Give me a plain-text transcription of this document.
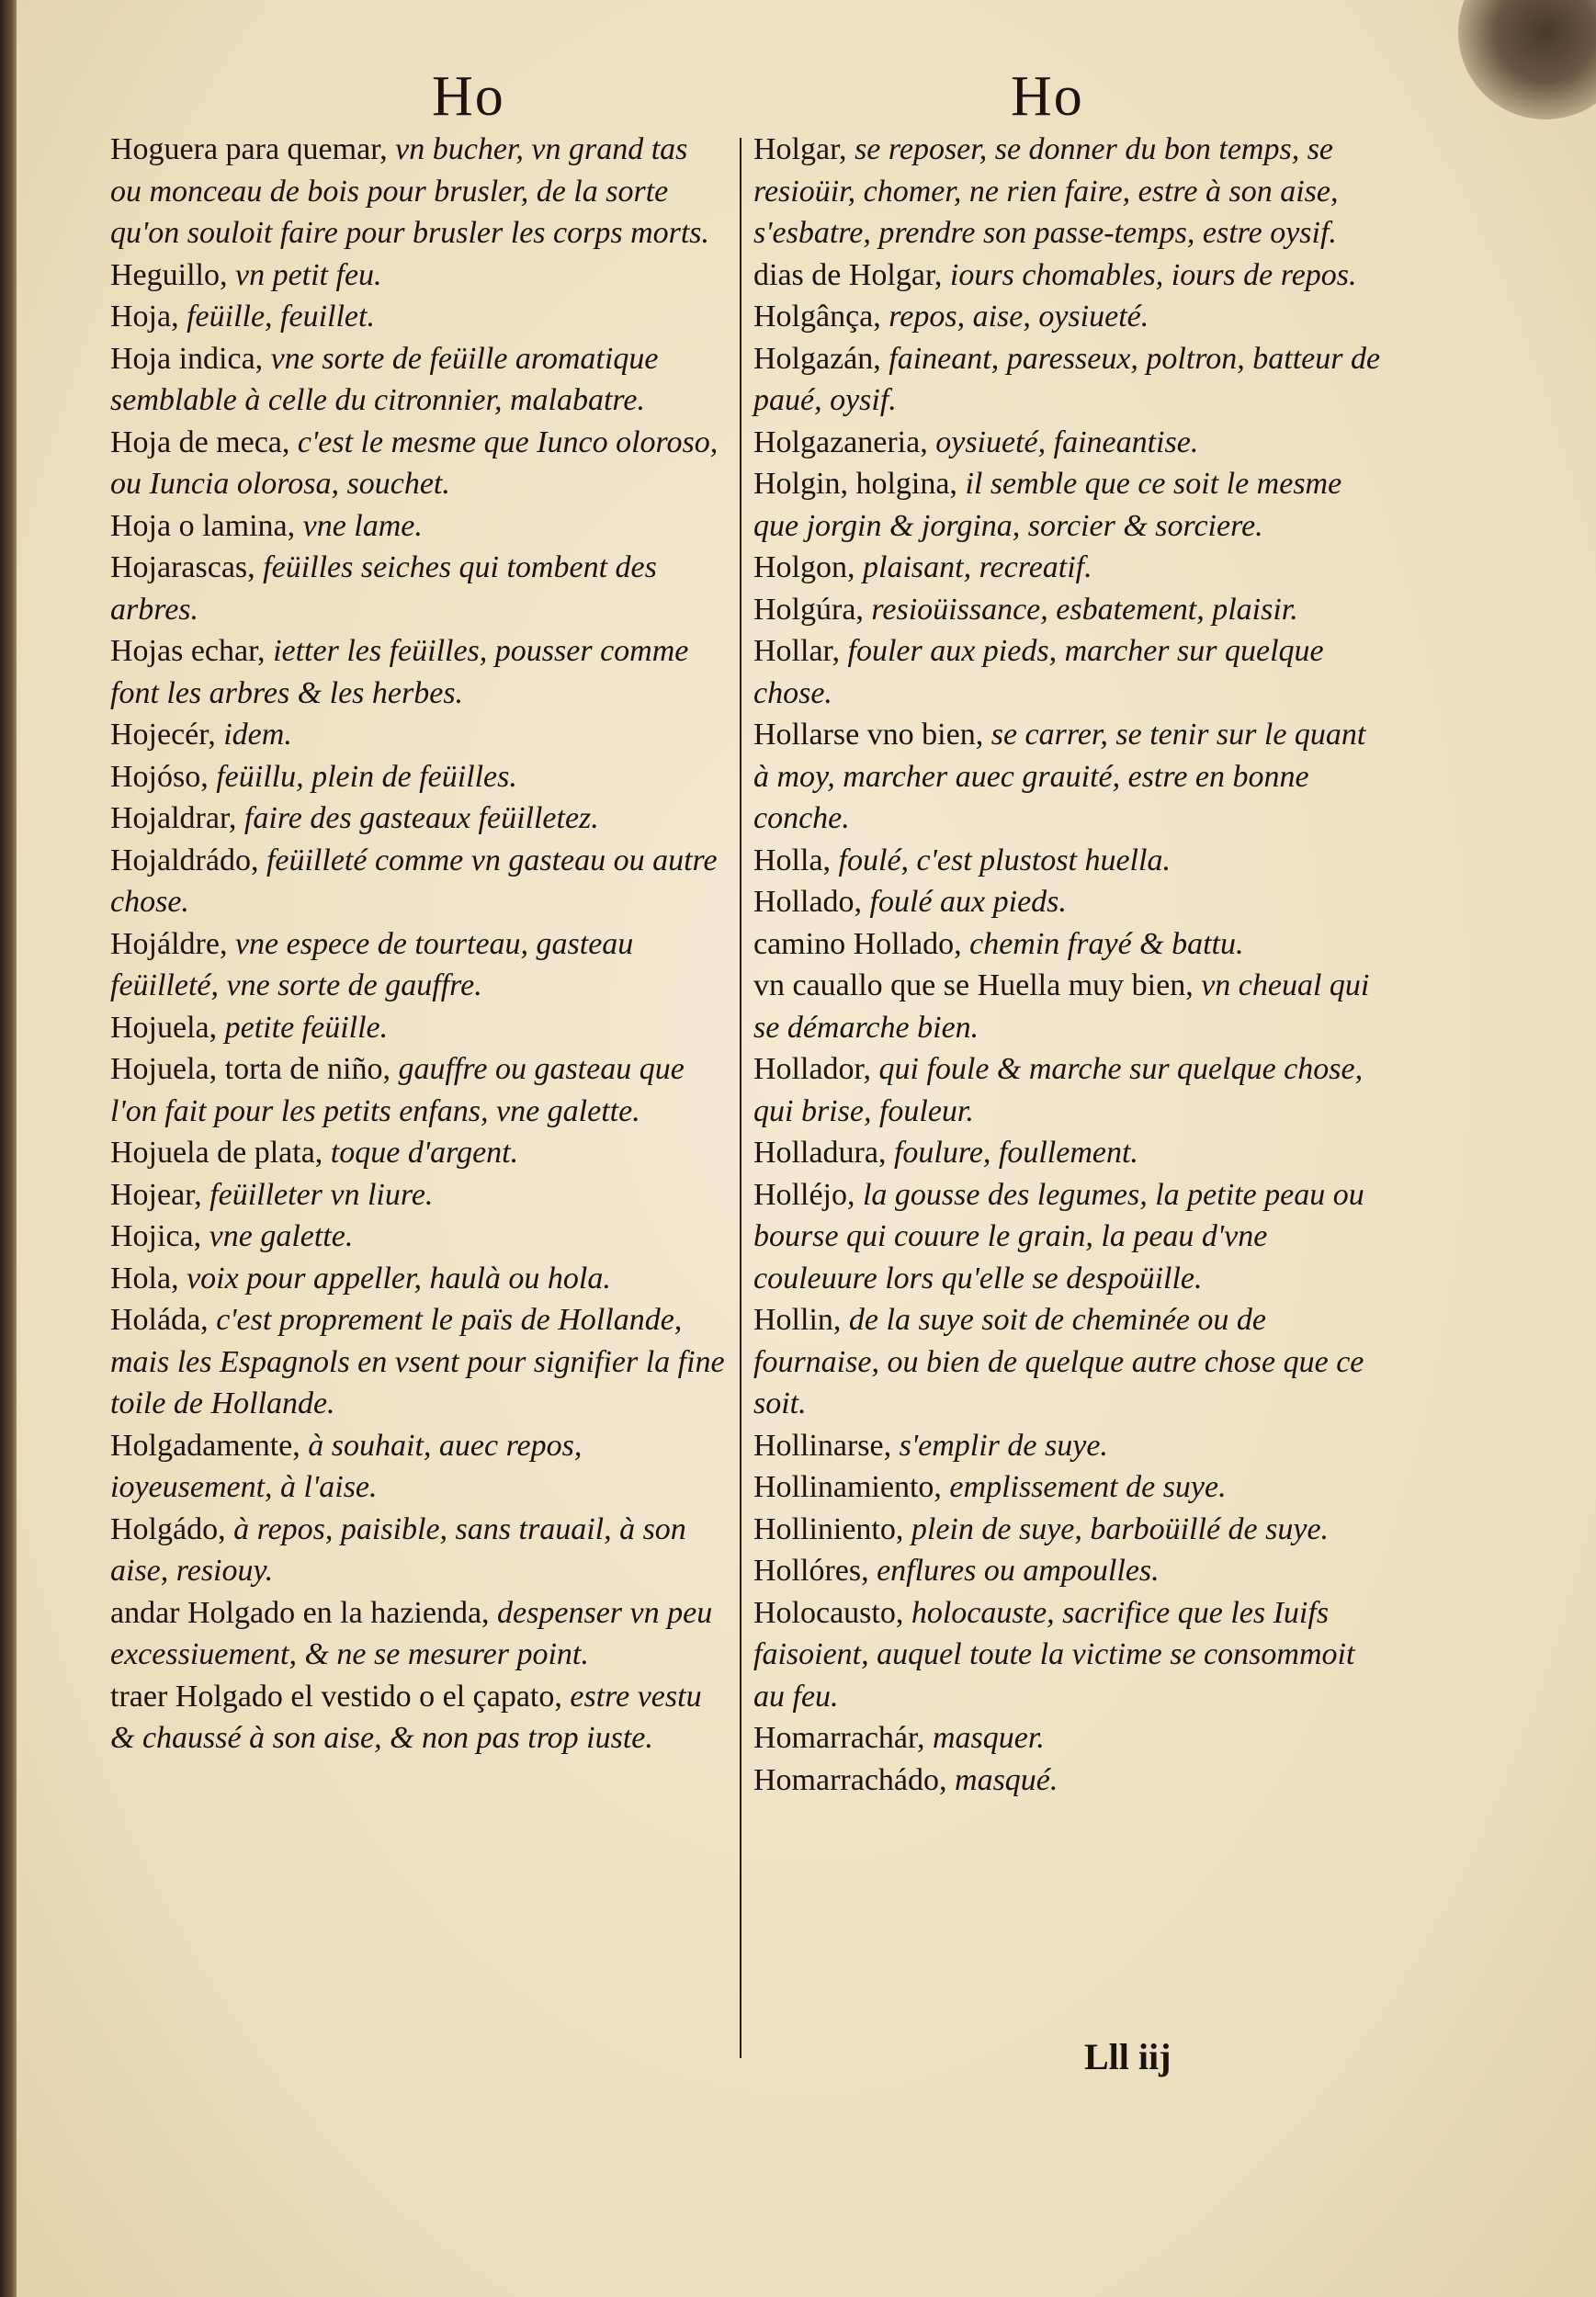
Ho	Ho
Hoguera para quemar, vn bucher, vn grand tas ou monceau de bois pour brusler, de la sorte qu'on souloit faire pour brusler les corps morts.
Heguillo, vn petit feu.
Hoja, feüille, feuillet.
Hoja indica, vne sorte de feüille aromatique semblable à celle du citronnier, malabatre.
Hoja de meca, c'est le mesme que Iunco oloroso, ou Iuncia olorosa, souchet.
Hoja o lamina, vne lame.
Hojarascas, feüilles seiches qui tombent des arbres.
Hojas echar, ietter les feüilles, pousser comme font les arbres & les herbes.
Hojecér, idem.
Hojóso, feüillu, plein de feüilles.
Hojaldrar, faire des gasteaux feüilletez.
Hojaldrádo, feüilleté comme vn gasteau ou autre chose.
Hojáldre, vne espece de tourteau, gasteau feüilleté, vne sorte de gauffre.
Hojuela, petite feüille.
Hojuela, torta de niño, gauffre ou gasteau que l'on fait pour les petits enfans, vne galette.
Hojuela de plata, toque d'argent.
Hojear, feüilleter vn liure.
Hojica, vne galette.
Hola, voix pour appeller, haulà ou hola.
Holáda, c'est proprement le païs de Hollande, mais les Espagnols en vsent pour signifier la fine toile de Hollande.
Holgadamente, à souhait, auec repos, ioyeusement, à l'aise.
Holgádo, à repos, paisible, sans trauail, à son aise, resiouy.
andar Holgado en la hazienda, despenser vn peu excessiuement, & ne se mesurer point.
traer Holgado el vestido o el çapato, estre vestu & chaussé à son aise, & non pas trop iuste.
Holgar, se reposer, se donner du bon temps, se resioüir, chomer, ne rien faire, estre à son aise, s'esbatre, prendre son passe-temps, estre oysif.
dias de Holgar, iours chomables, iours de repos.
Holgânça, repos, aise, oysiueté.
Holgazán, faineant, paresseux, poltron, batteur de paué, oysif.
Holgazaneria, oysiueté, faineantise.
Holgin, holgina, il semble que ce soit le mesme que jorgin & jorgina, sorcier & sorciere.
Holgon, plaisant, recreatif.
Holgúra, resioüissance, esbatement, plaisir.
Hollar, fouler aux pieds, marcher sur quelque chose.
Hollarse vno bien, se carrer, se tenir sur le quant à moy, marcher auec grauité, estre en bonne conche.
Holla, foulé, c'est plustost huella.
Hollado, foulé aux pieds.
camino Hollado, chemin frayé & battu.
vn cauallo que se Huella muy bien, vn cheual qui se démarche bien.
Hollador, qui foule & marche sur quelque chose, qui brise, fouleur.
Holladura, foulure, foullement.
Holléjo, la gousse des legumes, la petite peau ou bourse qui couure le grain, la peau d'vne couleuure lors qu'elle se despoüille.
Hollin, de la suye soit de cheminée ou de fournaise, ou bien de quelque autre chose que ce soit.
Hollinarse, s'emplir de suye.
Hollinamiento, emplissement de suye.
Holliniento, plein de suye, barboüillé de suye.
Hollóres, enflures ou ampoulles.
Holocausto, holocauste, sacrifice que les Iuifs faisoient, auquel toute la victime se consommoit au feu.
Homarrachár, masquer.
Homarrachádo, masqué.
Lll iij
